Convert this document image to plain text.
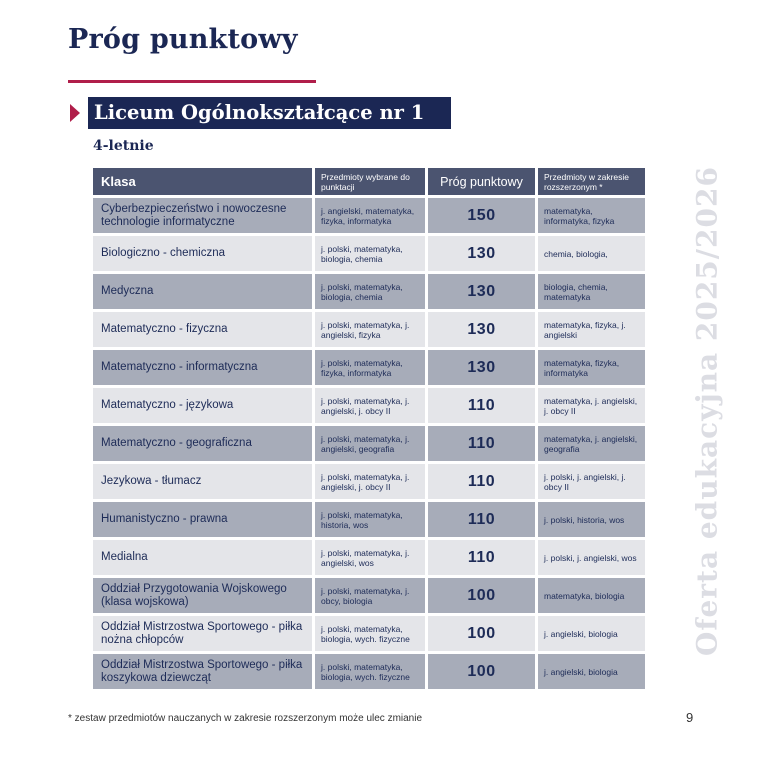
Próg punktowy
Liceum Ogólnokształcące nr 1
4-letnie
Klasa	Przedmioty wybrane do punktacji	Próg punktowy	Przedmioty w zakresie rozszerzonym *
Cyberbezpieczeństwo i nowoczesne technologie informatyczne	j. angielski, matematyka, fizyka, informatyka	150	matematyka, informatyka, fizyka
Biologiczno - chemiczna	j. polski, matematyka, biologia, chemia	130	chemia, biologia,
Medyczna	j. polski, matematyka, biologia, chemia	130	biologia, chemia, matematyka
Matematyczno - fizyczna	j. polski, matematyka, j. angielski, fizyka	130	matematyka, fizyka, j. angielski
Matematyczno - informatyczna	j. polski, matematyka, fizyka, informatyka	130	matematyka, fizyka, informatyka
Matematyczno - językowa	j. polski, matematyka, j. angielski, j. obcy II	110	matematyka, j. angielski, j. obcy II
Matematyczno - geograficzna	j. polski, matematyka, j. angielski, geografia	110	matematyka, j. angielski, geografia
Jezykowa - tłumacz	j. polski, matematyka, j. angielski, j. obcy II	110	j. polski, j. angielski, j. obcy II
Humanistyczno - prawna	j. polski, matematyka, historia, wos	110	j. polski, historia, wos
Medialna	j. polski, matematyka, j. angielski, wos	110	j. polski, j. angielski, wos
Oddział Przygotowania Wojskowego (klasa wojskowa)	j. polski, matematyka, j. obcy, biologia	100	matematyka, biologia
Oddział Mistrzostwa Sportowego - piłka nożna chłopców	j. polski, matematyka, biologia, wych. fizyczne	100	j. angielski, biologia
Oddział Mistrzostwa Sportowego - piłka koszykowa dziewcząt	j. polski, matematyka, biologia, wych. fizyczne	100	j. angielski, biologia
* zestaw przedmiotów nauczanych w zakresie rozszerzonym może ulec zmianie	9
Oferta edukacyjna 2025/2026
